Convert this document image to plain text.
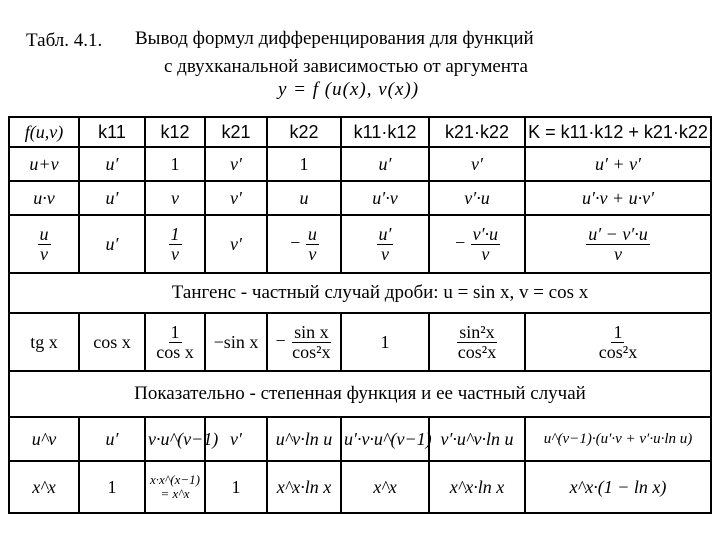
Табл. 4.1. Вывод формул дифференцирования для функций
с двухканальной зависимостью от аргумента
y = f (u(x), v(x))
f(u,v)	k11	k12	k21	k22	k11·k12	k21·k22	K = k11·k12 + k21·k22
u+v	u′	1	v′	1	u′	v′	u′ + v′
u·v	u′	v	v′	u	u′·v	v′·u	u′·v + u·v′

$\frac{u}{v}$	u′	$\frac{1}{v}$	v′	− $\frac{u}{v}$	$\frac{u'}{v}$	− $\frac{v'\cdot u}{v}$	$\frac{u' - v'\cdot u}{v}$

Тангенс - частный случай дроби: u = sin x, v = cos x							
tg x	cos x	$\frac{1}{\text{cos x}}$	−sin x	− $\frac{\text{sin x}}{\text{cos²x}}$	1	$\frac{\text{sin²x}}{\text{cos²x}}$	$\frac{1}{\text{cos²x}}$

Показательно - степенная функция и ее частный случай							

u^v	u′	v·u^(v−1)	v′	u^v·ln u	u′·v·u^(v−1)	v′·u^v·ln u	u^(v−1)·(u′·v + v′·u·ln u)
x^x	1	x·x^(x−1) = x^x	1	x^x·ln x	x^x	x^x·ln x	x^x·(1 − ln x)
